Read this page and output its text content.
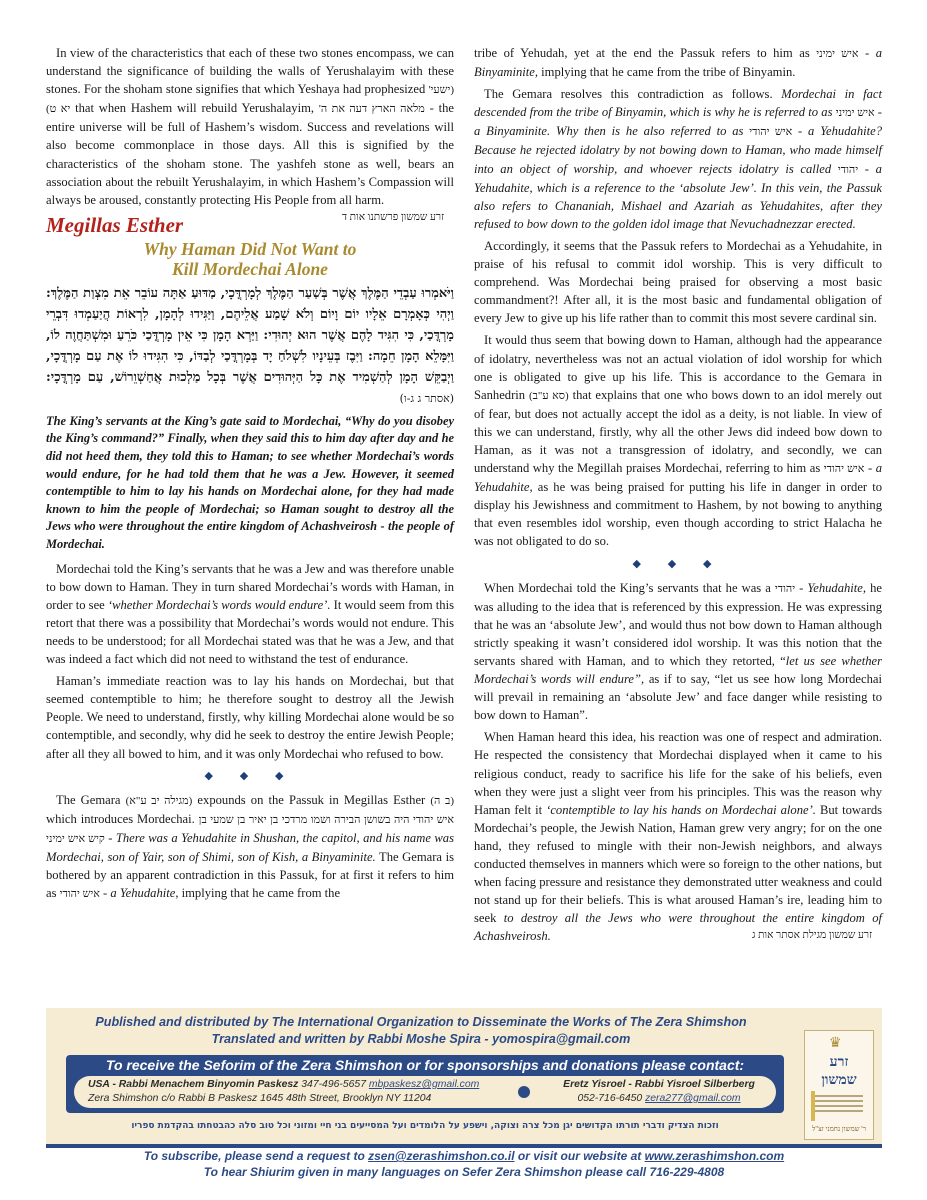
In view of the characteristics that each of these two stones encompass, we can understand the significance of building the walls of Yerushalayim with these stones. For the shoham stone signifies that which Yeshaya had prophesized (ישעי' יא ט) that when Hashem will rebuild Yerushalayim, מלאה הארץ דעה את ה' - the entire universe will be full of Hashem’s wisdom. Success and revelations will also become commonplace in those days. All this is signified by the characteristics of the shoham stone. The yashfeh stone as well, bears an association about the rebuilt Yerushalayim, in which Hashem’s Compassion will always be aroused, constantly protecting His People from all harm.
זרע שמשון פרשתנו אות ד

Megillas Esther
Why Haman Did Not Want to
Kill Mordechai Alone
וַיֹּאמְרוּ עַבְדֵי הַמֶּלֶךְ אֲשֶׁר בְּשַׁעַר הַמֶּלֶךְ לְמָרְדֳּכָי, מַדּוּעַ אַתָּה עוֹבֵר אֵת מִצְוַת הַמֶּלֶךְ: וַיְהִי כְּאָמְרָם אֵלָיו יוֹם וָיוֹם וְלֹא שָׁמַע אֲלֵיהֶם, וַיַּגִּידוּ לְהָמָן, לִרְאוֹת הֲיַעַמְדוּ דִּבְרֵי מָרְדֳּכַי, כִּי הִגִּיד לָהֶם אֲשֶׁר הוּא יְהוּדִי: וַיַּרְא הָמָן כִּי אֵין מָרְדֳּכַי כֹּרֵעַ וּמִשְׁתַּחֲוֶה לוֹ, וַיִּמָּלֵא הָמָן חֵמָה: וַיִּבֶז בְּעֵינָיו לִשְׁלֹחַ יָד בְּמָרְדֳּכַי לְבַדּוֹ, כִּי הִגִּידוּ לוֹ אֶת עַם מָרְדֳּכָי, וַיְבַקֵּשׁ הָמָן לְהַשְׁמִיד אֶת כָּל הַיְּהוּדִים אֲשֶׁר בְּכָל מַלְכוּת אֲחַשְׁוֵרוֹשׁ, עַם מָרְדֳּכָי: (אסתר ג ג-ו)
The King’s servants at the King’s gate said to Mordechai, “Why do you disobey the King’s command?” Finally, when they said this to him day after day and he did not heed them, they told this to Haman; to see whether Mordechai’s words would endure, for he had told them that he was a Jew. However, it seemed contemptible to him to lay his hands on Mordechai alone, for they had made known to him the people of Mordechai; so Haman sought to destroy all the Jews who were throughout the entire kingdom of Achashveirosh - the people of Mordechai.

Mordechai told the King’s servants that he was a Jew and was therefore unable to bow down to Haman. They in turn shared Mordechai’s words with Haman, in order to see ‘whether Mordechai’s words would endure’. It would seem from this retort that there was a possibility that Mordechai’s words would not endure. This needs to be understood; for all Mordechai stated was that he was a Jew, and that was indeed a fact which did not need to withstand the test of endurance.

Haman’s immediate reaction was to lay his hands on Mordechai, but that seemed contemptible to him; he therefore sought to destroy all the Jewish People. We need to understand, firstly, why killing Mordechai alone would be so contemptible, and secondly, why did he seek to destroy the entire Jewish People; after all they all bowed to him, and it was only Mordechai who refused to bow.

◆ ◆ ◆

The Gemara (מגילה יב ע"א) expounds on the Passuk in Megillas Esther (ב ה) which introduces Mordechai. איש יהודי היה בשושן הבירה ושמו מרדכי בן יאיר בן שמעי בן קיש איש ימיני - There was a Yehudahite in Shushan, the capitol, and his name was Mordechai, son of Yair, son of Shimi, son of Kish, a Binyaminite. The Gemara is bothered by an apparent contradiction in this Passuk, for at first it refers to him as איש יהודי - a Yehudahite, implying that he came from the

tribe of Yehudah, yet at the end the Passuk refers to him as איש ימיני - a Binyaminite, implying that he came from the tribe of Binyamin.

The Gemara resolves this contradiction as follows. Mordechai in fact descended from the tribe of Binyamin, which is why he is referred to as איש ימיני - a Binyaminite. Why then is he also referred to as איש יהודי - a Yehudahite? Because he rejected idolatry by not bowing down to Haman, who made himself into an object of worship, and whoever rejects idolatry is called יהודי - a Yehudahite, which is a reference to the ‘absolute Jew’. In this vein, the Passuk also refers to Chananiah, Mishael and Azariah as Yehudahites, after they refused to bow down to the golden idol image that Nevuchadnezzar erected.

Accordingly, it seems that the Passuk refers to Mordechai as a Yehudahite, in praise of his refusal to commit idol worship. This is very difficult to comprehend. Was Mordechai being praised for observing a most basic commandment?! After all, it is the most basic and fundamental obligation of every Jew to give up his life rather than to commit this most severe cardinal sin.

It would thus seem that bowing down to Haman, although had the appearance of idolatry, nevertheless was not an actual violation of idol worship for which one is obligated to give up his life. This is accordance to the Gemara in Sanhedrin (סא ע"ב) that explains that one who bows down to an idol merely out of fear, but does not actually accept the idol as a deity, is not liable. In view of this we can understand, firstly, why all the other Jews did indeed bow down to Haman, as it was not a transgression of idolatry, and secondly, we can understand why the Megillah praises Mordechai, referring to him as איש יהודי - a Yehudahite, as he was being praised for putting his life in danger in order to display his Jewishness and commitment to Hashem, by not bowing to anything that even resembles idol worship, even though according to strict Halacha he was not obligated to do so.

◆ ◆ ◆

When Mordechai told the King’s servants that he was a יהודי - Yehudahite, he was alluding to the idea that is referenced by this expression. He was expressing that he was an ‘absolute Jew’, and would thus not bow down to Haman although strictly speaking it wasn’t considered idol worship. It was this notion that the servants shared with Haman, and to which they retorted, “let us see whether Mordechai’s words will endure”, as if to say, “let us see how long Mordechai will prevail in remaining an ‘absolute Jew’ and face danger while resisting to bow down to Haman”.

When Haman heard this idea, his reaction was one of respect and admiration. He respected the consistency that Mordechai displayed when it came to his religious conduct, ready to sacrifice his life for the sake of his beliefs, even when they were just a slight veer from his principles. This was the reason why Haman felt it ‘contemptible to lay his hands on Mordechai alone’. But towards Mordechai’s people, the Jewish Nation, Haman grew very angry; for on the one hand, they refused to mingle with their non-Jewish neighbors, and always conducted themselves in manners which were so foreign to the other nations, but when facing pressure and resistance they demonstrated utter weakness and could not stand up for their beliefs. This is what aroused Haman’s ire, leading him to seek to destroy all the Jews who were throughout the entire kingdom of Achashveirosh.	זרע שמשון מגילת אסתר אות ג

Published and distributed by The International Organization to Disseminate the Works of The Zera Shimshon
Translated and written by Rabbi Moshe Spira - yomospira@gmail.com
To receive the Seforim of the Zera Shimshon or for sponsorships and donations please contact:
USA - Rabbi Menachem Binyomin Paskesz 347-496-5657 mbpaskesz@gmail.com
Zera Shimshon c/o Rabbi B Paskesz 1645 48th Street, Brooklyn NY 11204
Eretz Yisroel - Rabbi Yisroel Silberberg
052-716-6450 zera277@gmail.com
וזכות הצדיק ודברי תורתו הקדושים יגן מכל צרה וצוקה, וישפע על הלומדים ועל המסייעים בני חיי ומזוני וכל טוב סלה כהבטחתו בהקדמת ספריו
♛
זרע
שמשון
ר' שמשון נחמני זצ"ל
To subscribe, please send a request to zsen@zerashimshon.co.il or visit our website at www.zerashimshon.com
To hear Shiurim given in many languages on Sefer Zera Shimshon please call 716-229-4808
